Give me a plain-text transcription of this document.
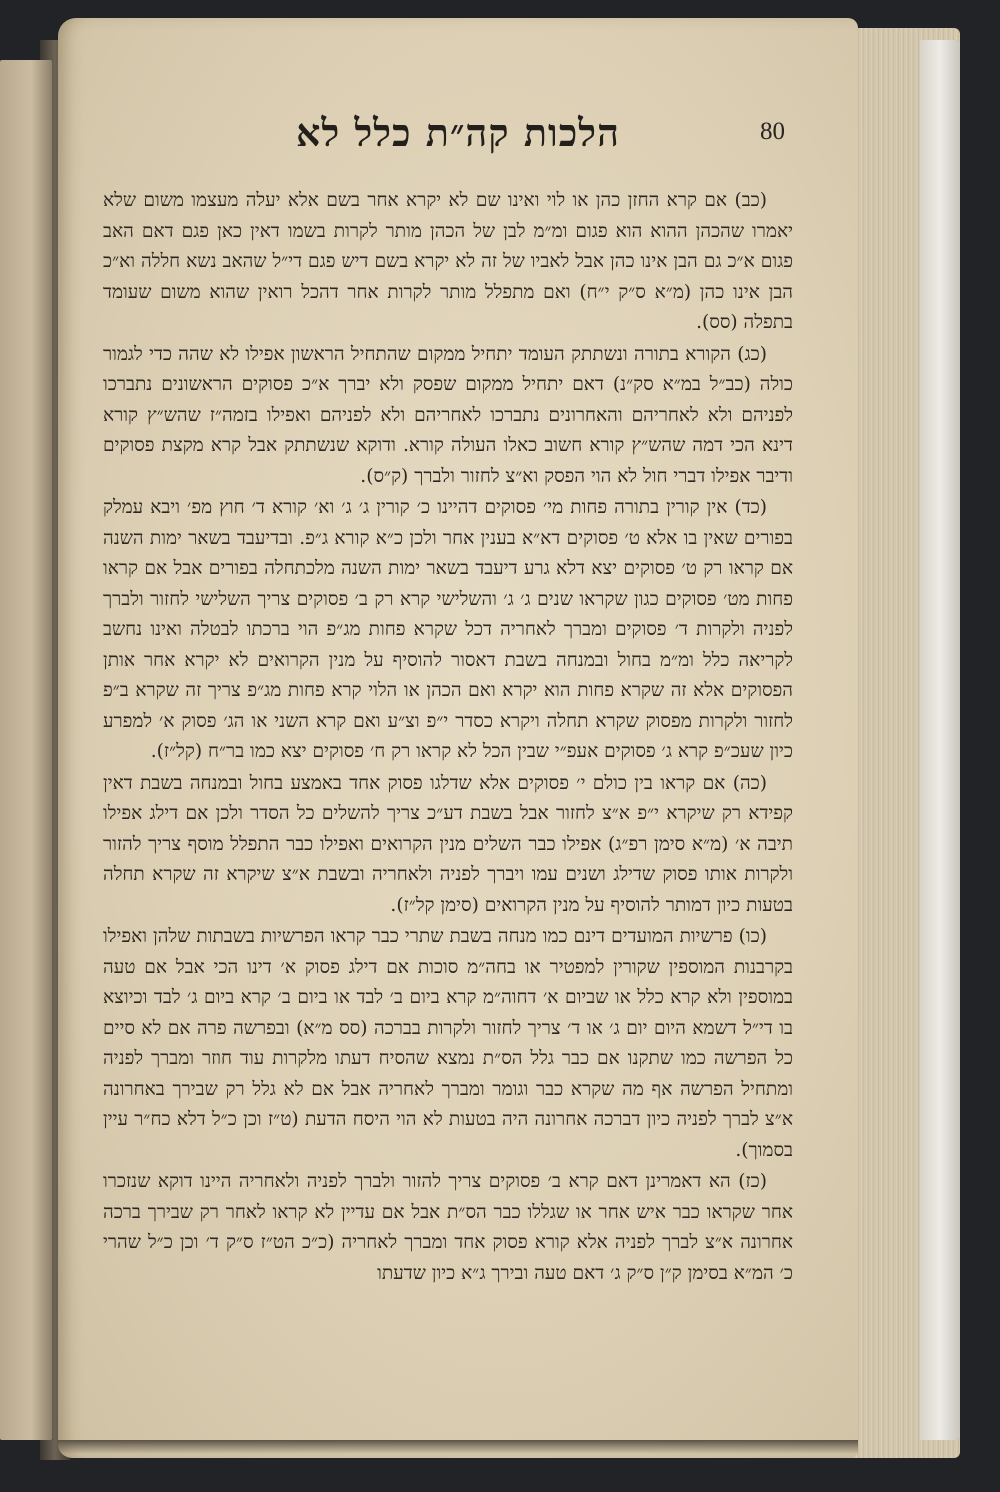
הלכות קה״ת כלל לא	80

(כב) אם קרא החזן כהן או לוי ואינו שם לא יקרא אחר בשם אלא יעלה מעצמו משום שלא יאמרו שהכהן ההוא הוא פגום ומ״מ לבן של הכהן מותר לקרות בשמו דאין כאן פגם דאם האב פגום א״כ גם הבן אינו כהן אבל לאביו של זה לא יקרא בשם דיש פגם די״ל שהאב נשא חללה וא״כ הבן אינו כהן (מ״א ס״ק י״ח) ואם מתפלל מותר לקרות אחר דהכל רואין שהוא משום שעומד בתפלה (סס).

(כג) הקורא בתורה ונשתתק העומד יתחיל ממקום שהתחיל הראשון אפילו לא שהה כדי לגמור כולה (כב״ל במ״א סק״נ) דאם יתחיל ממקום שפסק ולא יברך א״כ פסוקים הראשונים נתברכו לפניהם ולא לאחריהם והאחרונים נתברכו לאחריהם ולא לפניהם ואפילו בזמה״ז שהש״ץ קורא דינא הכי דמה שהש״ץ קורא חשוב כאלו העולה קורא. ודוקא שנשתתק אבל קרא מקצת פסוקים ודיבר אפילו דברי חול לא הוי הפסק וא״צ לחזור ולברך (ק״ס).

(כד) אין קורין בתורה פחות מי׳ פסוקים דהיינו כ׳ קורין ג׳ ג׳ וא׳ קורא ד׳ חוץ מפ׳ ויבא עמלק בפורים שאין בו אלא ט׳ פסוקים דא״א בענין אחר ולכן כ״א קורא ג״פ. ובדיעבד בשאר ימות השנה אם קראו רק ט׳ פסוקים יצא דלא גרע דיעבד בשאר ימות השנה מלכתחלה בפורים אבל אם קראו פחות מט׳ פסוקים כגון שקראו שנים ג׳ ג׳ והשלישי קרא רק ב׳ פסוקים צריך השלישי לחזור ולברך לפניה ולקרות ד׳ פסוקים ומברך לאחריה דכל שקרא פחות מג״פ הוי ברכתו לבטלה ואינו נחשב לקריאה כלל ומ״מ בחול ובמנחה בשבת דאסור להוסיף על מנין הקרואים לא יקרא אחר אותן הפסוקים אלא זה שקרא פחות הוא יקרא ואם הכהן או הלוי קרא פחות מג״פ צריך זה שקרא ב״פ לחזור ולקרות מפסוק שקרא תחלה ויקרא כסדר י״פ וצ״ע ואם קרא השני או הג׳ פסוק א׳ למפרע כיון שעכ״פ קרא ג׳ פסוקים אעפ״י שבין הכל לא קראו רק ח׳ פסוקים יצא כמו בר״ח (קל״ז).

(כה) אם קראו בין כולם י׳ פסוקים אלא שדלגו פסוק אחד באמצע בחול ובמנחה בשבת דאין קפידא רק שיקרא י״פ א״צ לחזור אבל בשבת דע״כ צריך להשלים כל הסדר ולכן אם דילג אפילו תיבה א׳ (מ״א סימן רפ״ג) אפילו כבר השלים מנין הקרואים ואפילו כבר התפלל מוסף צריך להזור ולקרות אותו פסוק שדילג ושנים עמו ויברך לפניה ולאחריה ובשבת א״צ שיקרא זה שקרא תחלה בטעות כיון דמותר להוסיף על מנין הקרואים (סימן קל״ז).

(כו) פרשיות המועדים דינם כמו מנחה בשבת שתרי כבר קראו הפרשיות בשבתות שלהן ואפילו בקרבנות המוספין שקורין למפטיר או בחה״מ סוכות אם דילג פסוק א׳ דינו הכי אבל אם טעה במוספין ולא קרא כלל או שביום א׳ דחוה״מ קרא ביום ב׳ לבד או ביום ב׳ קרא ביום ג׳ לבד וכיוצא בו די״ל דשמא היום יום ג׳ או ד׳ צריך לחזור ולקרות בברכה (סס מ״א) ובפרשה פרה אם לא סיים כל הפרשה כמו שתקנו אם כבר גלל הס״ת נמצא שהסיח דעתו מלקרות עוד חוזר ומברך לפניה ומתחיל הפרשה אף מה שקרא כבר וגומר ומברך לאחריה אבל אם לא גלל רק שבירך באחרונה א״צ לברך לפניה כיון דברכה אחרונה היה בטעות לא הוי היסח הדעת (ט״ז וכן כ״ל דלא כח״ר עיין בסמוך).

(כז) הא דאמרינן דאם קרא ב׳ פסוקים צריך להזור ולברך לפניה ולאחריה היינו דוקא שנזכרו אחר שקראו כבר איש אחר או שגללו כבר הס״ת אבל אם עדיין לא קראו לאחר רק שבירך ברכה אחרונה א״צ לברך לפניה אלא קורא פסוק אחד ומברך לאחריה (כ״כ הט״ז ס״ק ד׳ וכן כ״ל שהרי כ׳ המ״א בסימן ק״ן ס״ק ג׳ דאם טעה ובירך ג״א כיון שדעתו
